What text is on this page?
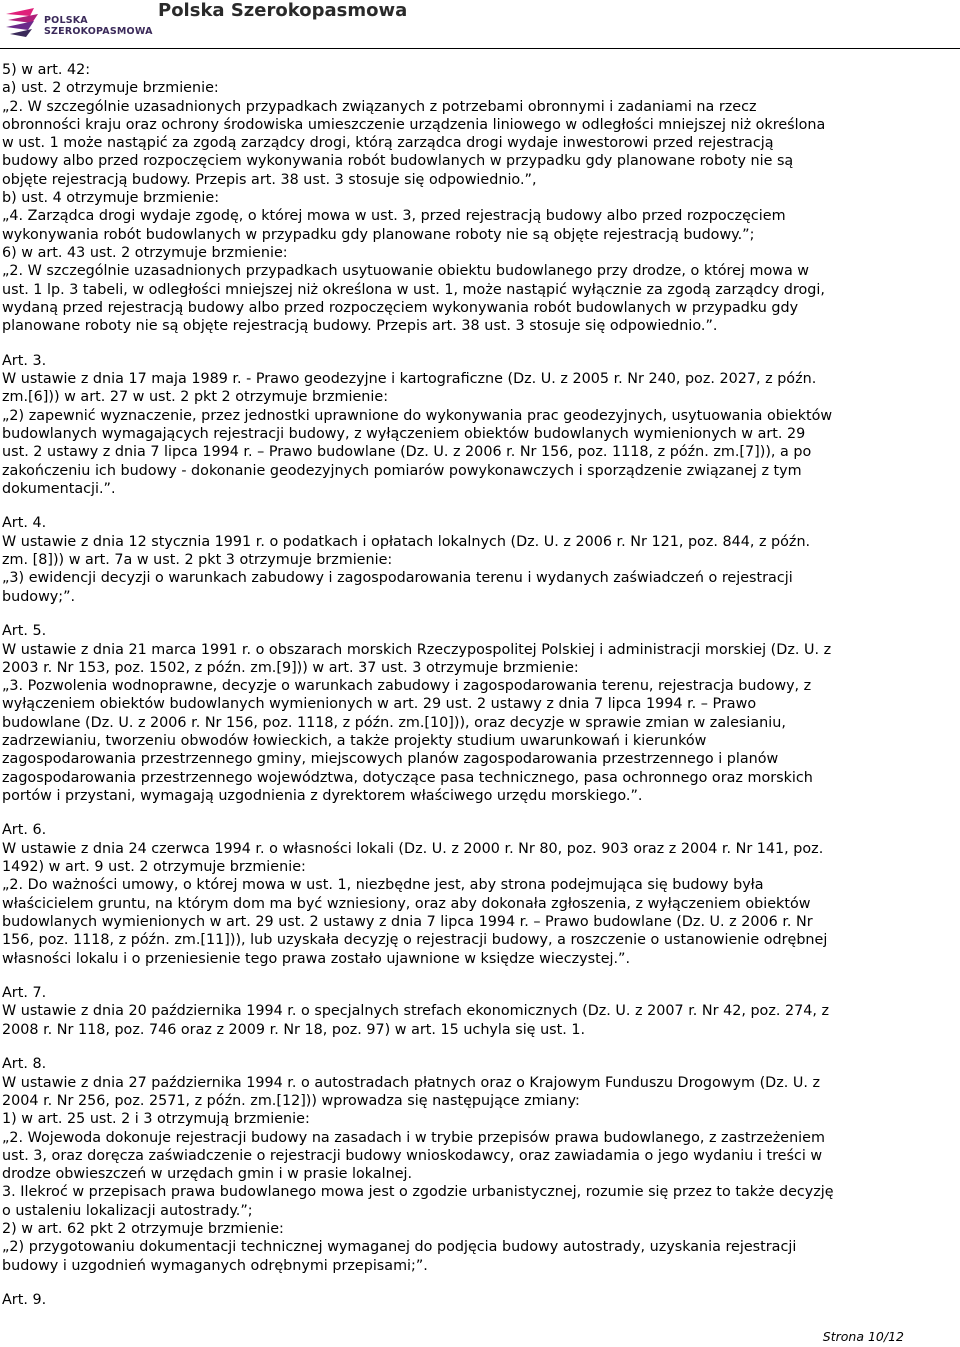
POLSKA
SZEROKOPASMOWA
Polska Szerokopasmowa
5) w art. 42:
a) ust. 2 otrzymuje brzmienie:
„2. W szczególnie uzasadnionych przypadkach związanych z potrzebami obronnymi i zadaniami na rzecz
obronności kraju oraz ochrony środowiska umieszczenie urządzenia liniowego w odległości mniejszej niż określona
w ust. 1 może nastąpić za zgodą zarządcy drogi, którą zarządca drogi wydaje inwestorowi przed rejestracją
budowy albo przed rozpoczęciem wykonywania robót budowlanych w przypadku gdy planowane roboty nie są
objęte rejestracją budowy. Przepis art. 38 ust. 3 stosuje się odpowiednio.”,
b) ust. 4 otrzymuje brzmienie:
„4. Zarządca drogi wydaje zgodę, o której mowa w ust. 3, przed rejestracją budowy albo przed rozpoczęciem
wykonywania robót budowlanych w przypadku gdy planowane roboty nie są objęte rejestracją budowy.”;
6) w art. 43 ust. 2 otrzymuje brzmienie:
„2. W szczególnie uzasadnionych przypadkach usytuowanie obiektu budowlanego przy drodze, o której mowa w
ust. 1 lp. 3 tabeli, w odległości mniejszej niż określona w ust. 1, może nastąpić wyłącznie za zgodą zarządcy drogi,
wydaną przed rejestracją budowy albo przed rozpoczęciem wykonywania robót budowlanych w przypadku gdy
planowane roboty nie są objęte rejestracją budowy. Przepis art. 38 ust. 3 stosuje się odpowiednio.”.
Art. 3.
W ustawie z dnia 17 maja 1989 r. - Prawo geodezyjne i kartograficzne (Dz. U. z 2005 r. Nr 240, poz. 2027, z późn.
zm.[6])) w art. 27 w ust. 2 pkt 2 otrzymuje brzmienie:
„2) zapewnić wyznaczenie, przez jednostki uprawnione do wykonywania prac geodezyjnych, usytuowania obiektów
budowlanych wymagających rejestracji budowy, z wyłączeniem obiektów budowlanych wymienionych w art. 29
ust. 2 ustawy z dnia 7 lipca 1994 r. – Prawo budowlane (Dz. U. z 2006 r. Nr 156, poz. 1118, z późn. zm.[7])), a po
zakończeniu ich budowy - dokonanie geodezyjnych pomiarów powykonawczych i sporządzenie związanej z tym
dokumentacji.”.
Art. 4.
W ustawie z dnia 12 stycznia 1991 r. o podatkach i opłatach lokalnych (Dz. U. z 2006 r. Nr 121, poz. 844, z późn.
zm. [8])) w art. 7a w ust. 2 pkt 3 otrzymuje brzmienie:
„3) ewidencji decyzji o warunkach zabudowy i zagospodarowania terenu i wydanych zaświadczeń o rejestracji
budowy;”.
Art. 5.
W ustawie z dnia 21 marca 1991 r. o obszarach morskich Rzeczypospolitej Polskiej i administracji morskiej (Dz. U. z
2003 r. Nr 153, poz. 1502, z późn. zm.[9])) w art. 37 ust. 3 otrzymuje brzmienie:
„3. Pozwolenia wodnoprawne, decyzje o warunkach zabudowy i zagospodarowania terenu, rejestracja budowy, z
wyłączeniem obiektów budowlanych wymienionych w art. 29 ust. 2 ustawy z dnia 7 lipca 1994 r. – Prawo
budowlane (Dz. U. z 2006 r. Nr 156, poz. 1118, z późn. zm.[10])), oraz decyzje w sprawie zmian w zalesianiu,
zadrzewianiu, tworzeniu obwodów łowieckich, a także projekty studium uwarunkowań i kierunków
zagospodarowania przestrzennego gminy, miejscowych planów zagospodarowania przestrzennego i planów
zagospodarowania przestrzennego województwa, dotyczące pasa technicznego, pasa ochronnego oraz morskich
portów i przystani, wymagają uzgodnienia z dyrektorem właściwego urzędu morskiego.”.
Art. 6.
W ustawie z dnia 24 czerwca 1994 r. o własności lokali (Dz. U. z 2000 r. Nr 80, poz. 903 oraz z 2004 r. Nr 141, poz.
1492) w art. 9 ust. 2 otrzymuje brzmienie:
„2. Do ważności umowy, o której mowa w ust. 1, niezbędne jest, aby strona podejmująca się budowy była
właścicielem gruntu, na którym dom ma być wzniesiony, oraz aby dokonała zgłoszenia, z wyłączeniem obiektów
budowlanych wymienionych w art. 29 ust. 2 ustawy z dnia 7 lipca 1994 r. – Prawo budowlane (Dz. U. z 2006 r. Nr
156, poz. 1118, z późn. zm.[11])), lub uzyskała decyzję o rejestracji budowy, a roszczenie o ustanowienie odrębnej
własności lokalu i o przeniesienie tego prawa zostało ujawnione w księdze wieczystej.”.
Art. 7.
W ustawie z dnia 20 października 1994 r. o specjalnych strefach ekonomicznych (Dz. U. z 2007 r. Nr 42, poz. 274, z
2008 r. Nr 118, poz. 746 oraz z 2009 r. Nr 18, poz. 97) w art. 15 uchyla się ust. 1.
Art. 8.
W ustawie z dnia 27 października 1994 r. o autostradach płatnych oraz o Krajowym Funduszu Drogowym (Dz. U. z
2004 r. Nr 256, poz. 2571, z późn. zm.[12])) wprowadza się następujące zmiany:
1) w art. 25 ust. 2 i 3 otrzymują brzmienie:
„2. Wojewoda dokonuje rejestracji budowy na zasadach i w trybie przepisów prawa budowlanego, z zastrzeżeniem
ust. 3, oraz doręcza zaświadczenie o rejestracji budowy wnioskodawcy, oraz zawiadamia o jego wydaniu i treści w
drodze obwieszczeń w urzędach gmin i w prasie lokalnej.
3. Ilekroć w przepisach prawa budowlanego mowa jest o zgodzie urbanistycznej, rozumie się przez to także decyzję
o ustaleniu lokalizacji autostrady.”;
2) w art. 62 pkt 2 otrzymuje brzmienie:
„2) przygotowaniu dokumentacji technicznej wymaganej do podjęcia budowy autostrady, uzyskania rejestracji
budowy i uzgodnień wymaganych odrębnymi przepisami;”.
Art. 9.
Strona 10/12
